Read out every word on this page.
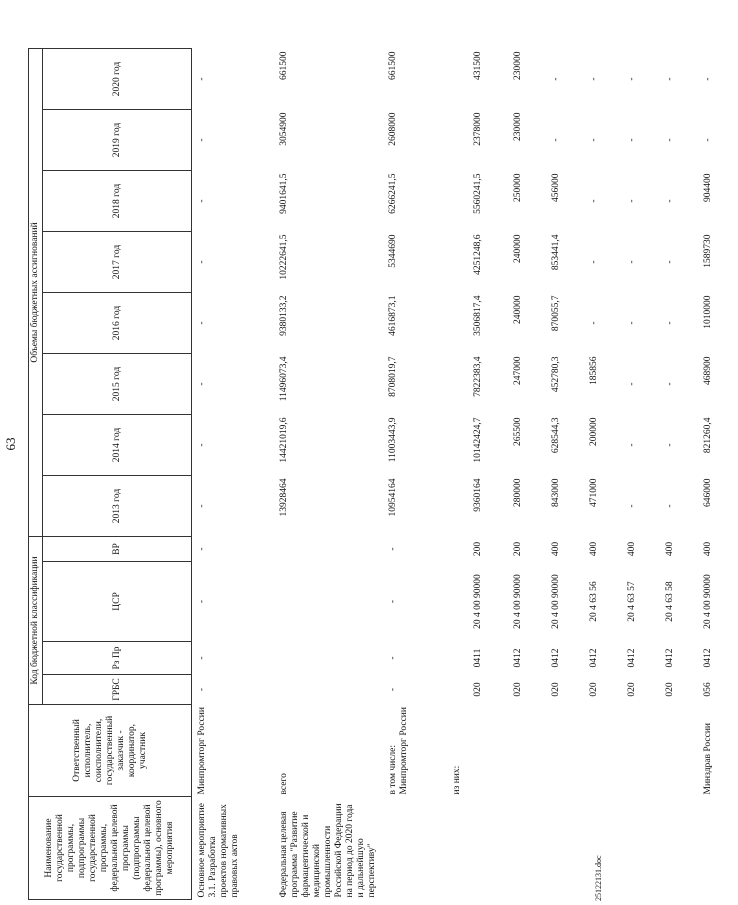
63
Наименование государственной программы, подпрограммы государственной программы, федеральной целевой программы (подпрограммы федеральной целевой программы), основного мероприятия	Ответственный исполнитель, соисполнители, государственный заказчик - координатор, участник	Код бюджетной классификации				Объемы бюджетных ассигнований							
		ГРБС	Рз Пр	ЦСР	ВР	2013 год	2014 год	2015 год	2016 год	2017 год	2018 год	2019 год	2020 год
Основное мероприятие 3.1. Разработка проектов нормативных правовых актов	Минпромторг России	-	-	-	-	-	-	-	-	-	-	-	-
Федеральная целевая программа "Развитие фармацевтической и медицинской промышленности Российской Федерации на период до 2020 года и дальнейшую перспективу"	всего					13928464	14421019,6	11496073,4	9380133,2	10222641,5	9401641,5	3054900	661500
	в том числе: Минпромторг России	-	-	-	-	10954164	11003443,9	8708019,7	4616873,1	5344690	6266241,5	2608000	661500
	из них:												
		020	0411	20 4 00 90000	200	9360164	10142424,7	7822383,4	3506817,4	4251248,6	5560241,5	2378000	431500
		020	0412	20 4 00 90000	200	280000	265500	247000	240000	240000	250000	230000	230000
		020	0412	20 4 00 90000	400	843000	628544,3	452780,3	870055,7	853441,4	456000	-	-
		020	0412	20 4 63 56	400	471000	200000	185856	-	-	-	-	-
		020	0412	20 4 63 57	400	-	-	-	-	-	-	-	-
		020	0412	20 4 63 58	400	-	-	-	-	-	-	-	-
	Минздрав России	056	0412	20 4 00 90000	400	646000	821260,4	468900	1010000	1589730	904400	-	-
25122131.doc
